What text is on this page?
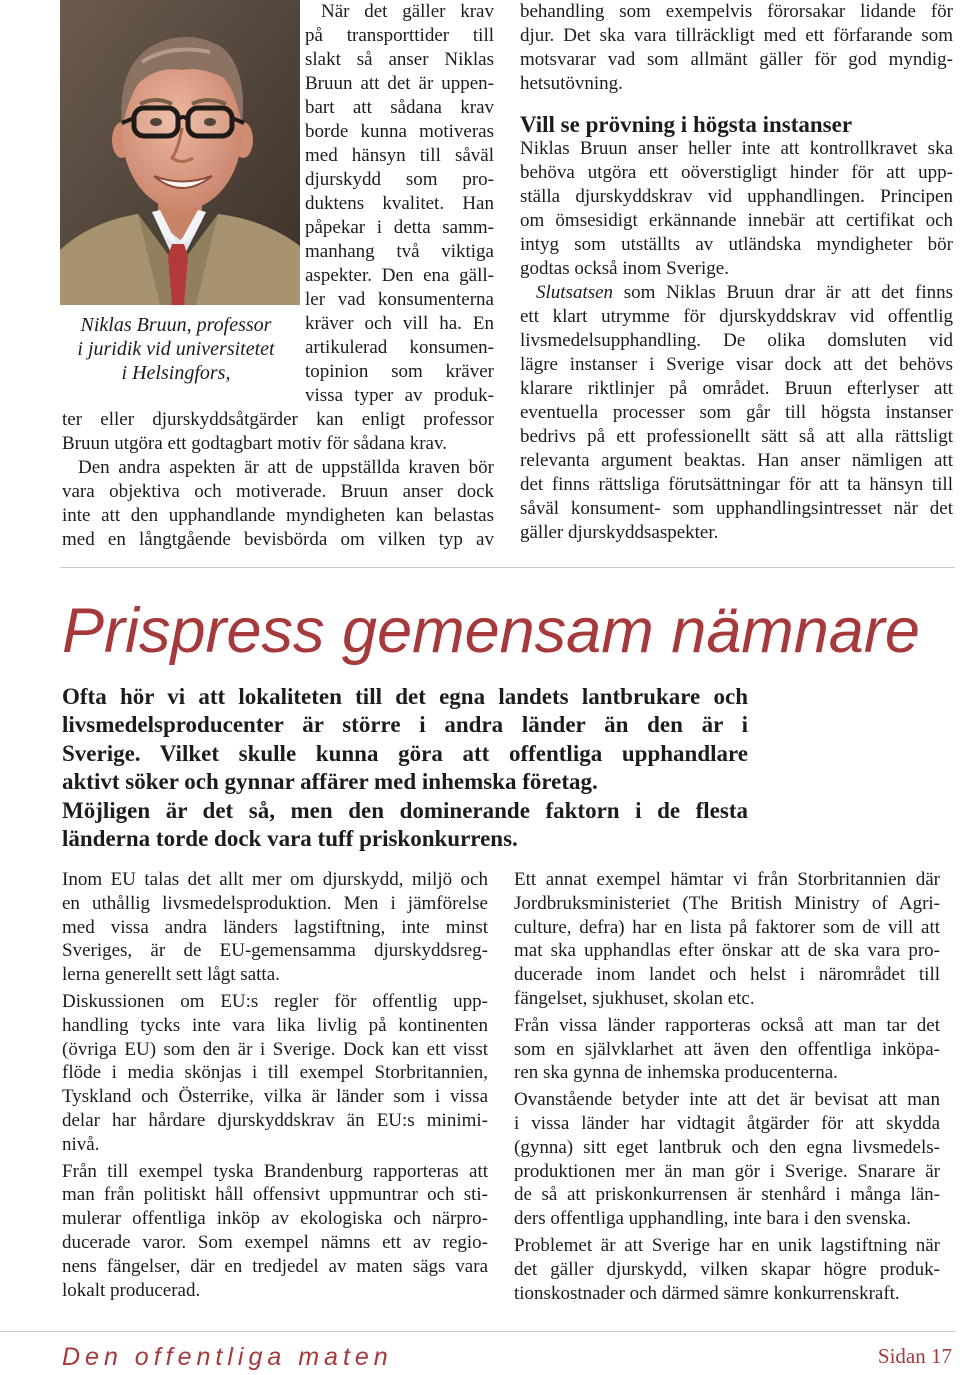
Niklas Bruun, professor
i juridik vid universitetet
i Helsingfors,
När det gäller krav
på transporttider till
slakt så anser Niklas
Bruun att det är uppen-
bart att sådana krav
borde kunna motiveras
med hänsyn till såväl
djurskydd som pro-
duktens kvalitet. Han
påpekar i detta samm-
manhang två viktiga
aspekter. Den ena gäll-
ler vad konsumenterna
kräver och vill ha. En
artikulerad konsumen-
topinion som kräver
vissa typer av produk-
ter eller djurskyddsåtgärder kan enligt professor
Bruun utgöra ett godtagbart motiv för sådana krav.
Den andra aspekten är att de uppställda kraven bör
vara objektiva och motiverade. Bruun anser dock
inte att den upphandlande myndigheten kan belastas
med en långtgående bevisbörda om vilken typ av
behandling som exempelvis förorsakar lidande för
djur. Det ska vara tillräckligt med ett förfarande som
motsvarar vad som allmänt gäller för god myndig-
hetsutövning.
Vill se prövning i högsta instanser
Niklas Bruun anser heller inte att kontrollkravet ska
behöva utgöra ett oöverstigligt hinder för att upp-
ställa djurskyddskrav vid upphandlingen. Principen
om ömsesidigt erkännande innebär att certifikat och
intyg som utställts av utländska myndigheter bör
godtas också inom Sverige.
Slutsatsen som Niklas Bruun drar är att det finns
ett klart utrymme för djurskyddskrav vid offentlig
livsmedelsupphandling. De olika domsluten vid
lägre instanser i Sverige visar dock att det behövs
klarare riktlinjer på området. Bruun efterlyser att
eventuella processer som går till högsta instanser
bedrivs på ett professionellt sätt så att alla rättsligt
relevanta argument beaktas. Han anser nämligen att
det finns rättsliga förutsättningar för att ta hänsyn till
såväl konsument- som upphandlingsintresset när det
gäller djurskyddsaspekter.
Prispress gemensam nämnare
Ofta hör vi att lokaliteten till det egna landets lantbrukare och
livsmedelsproducenter är större i andra länder än den är i
Sverige. Vilket skulle kunna göra att offentliga upphandlare
aktivt söker och gynnar affärer med inhemska företag.
Möjligen är det så, men den dominerande faktorn i de flesta
länderna torde dock vara tuff priskonkurrens.
Inom EU talas det allt mer om djurskydd, miljö och
en uthållig livsmedelsproduktion. Men i jämförelse
med vissa andra länders lagstiftning, inte minst
Sveriges, är de EU-gemensamma djurskyddsreg-
lerna generellt sett lågt satta.
Diskussionen om EU:s regler för offentlig upp-
handling tycks inte vara lika livlig på kontinenten
(övriga EU) som den är i Sverige. Dock kan ett visst
flöde i media skönjas i till exempel Storbritannien,
Tyskland och Österrike, vilka är länder som i vissa
delar har hårdare djurskyddskrav än EU:s minimi-
nivå.
Från till exempel tyska Brandenburg rapporteras att
man från politiskt håll offensivt uppmuntrar och sti-
mulerar offentliga inköp av ekologiska och närpro-
ducerade varor. Som exempel nämns ett av regio-
nens fängelser, där en tredjedel av maten sägs vara
lokalt producerad.
Ett annat exempel hämtar vi från Storbritannien där
Jordbruksministeriet (The British Ministry of Agri-
culture, defra) har en lista på faktorer som de vill att
mat ska upphandlas efter önskar att de ska vara pro-
ducerade inom landet och helst i närområdet till
fängelset, sjukhuset, skolan etc.
Från vissa länder rapporteras också att man tar det
som en självklarhet att även den offentliga inköpa-
ren ska gynna de inhemska producenterna.
Ovanstående betyder inte att det är bevisat att man
i vissa länder har vidtagit åtgärder för att skydda
(gynna) sitt eget lantbruk och den egna livsmedels-
produktionen mer än man gör i Sverige. Snarare är
de så att priskonkurrensen är stenhård i många län-
ders offentliga upphandling, inte bara i den svenska.
Problemet är att Sverige har en unik lagstiftning när
det gäller djurskydd, vilken skapar högre produk-
tionskostnader och därmed sämre konkurrenskraft.
Den offentliga maten	Sidan 17
